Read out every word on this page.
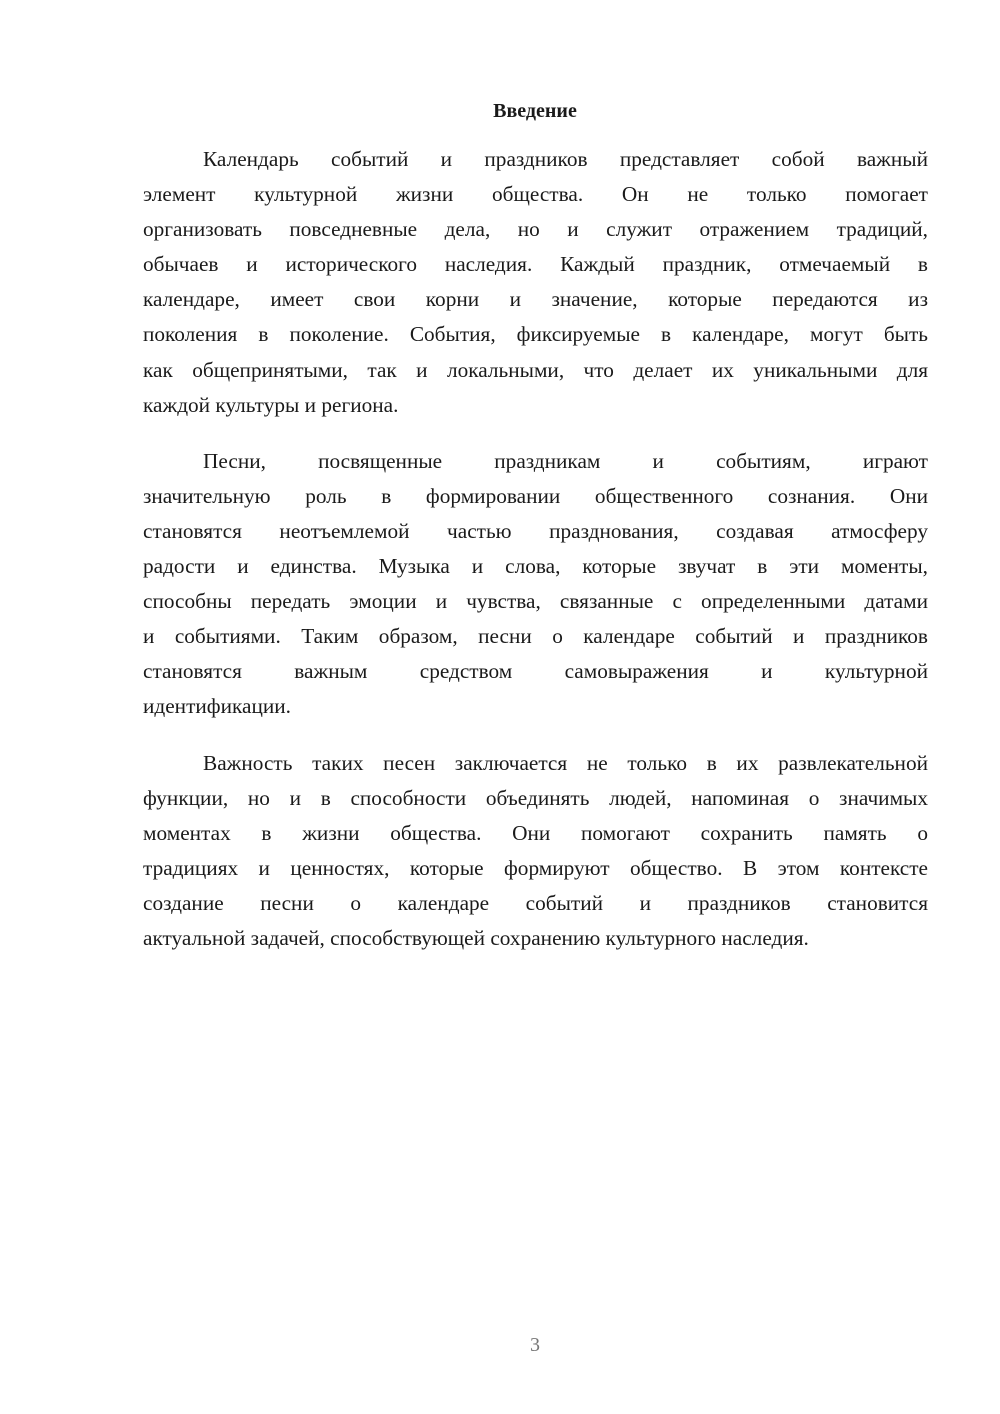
Введение
Календарь событий и праздников представляет собой важный
элемент культурной жизни общества. Он не только помогает
организовать повседневные дела, но и служит отражением традиций,
обычаев и исторического наследия. Каждый праздник, отмечаемый в
календаре, имеет свои корни и значение, которые передаются из
поколения в поколение. События, фиксируемые в календаре, могут быть
как общепринятыми, так и локальными, что делает их уникальными для
каждой культуры и региона.
Песни, посвященные праздникам и событиям, играют
значительную роль в формировании общественного сознания. Они
становятся неотъемлемой частью празднования, создавая атмосферу
радости и единства. Музыка и слова, которые звучат в эти моменты,
способны передать эмоции и чувства, связанные с определенными датами
и событиями. Таким образом, песни о календаре событий и праздников
становятся важным средством самовыражения и культурной
идентификации.
Важность таких песен заключается не только в их развлекательной
функции, но и в способности объединять людей, напоминая о значимых
моментах в жизни общества. Они помогают сохранить память о
традициях и ценностях, которые формируют общество. В этом контексте
создание песни о календаре событий и праздников становится
актуальной задачей, способствующей сохранению культурного наследия.
3
